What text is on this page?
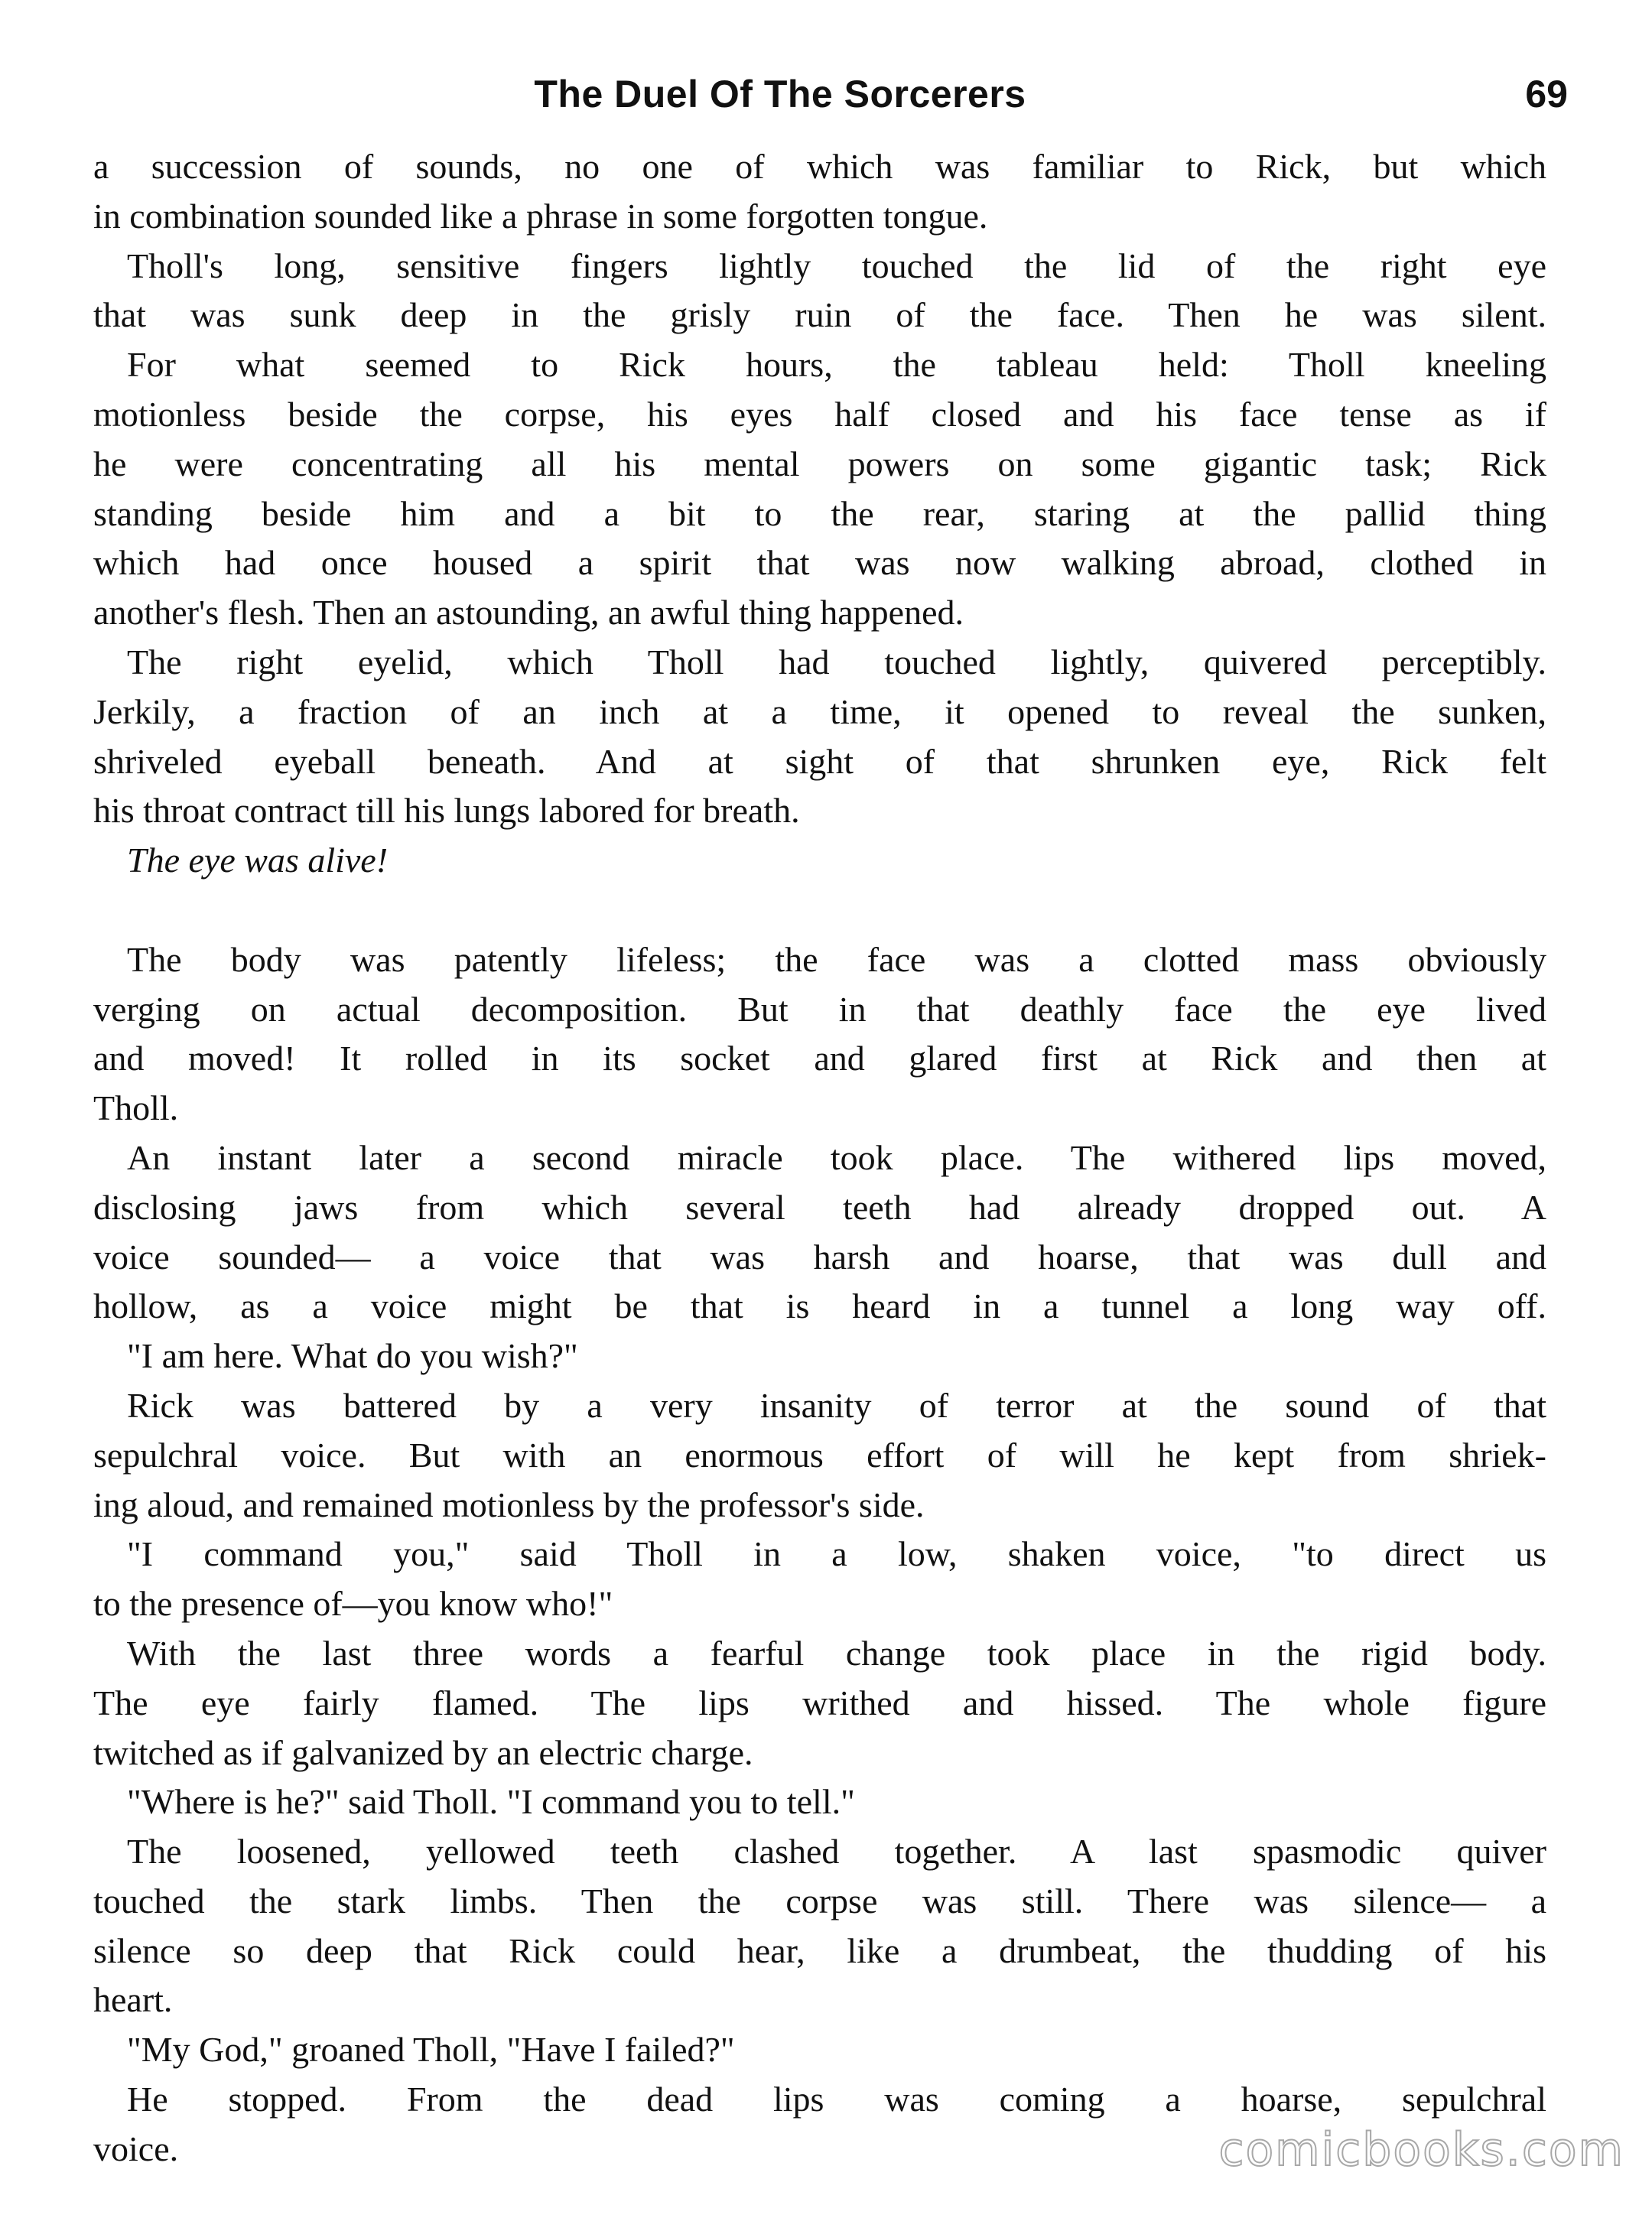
The Duel Of The Sorcerers	69
a succession of sounds, no one of which was familiar to Rick, but which
in combination sounded like a phrase in some forgotten tongue.
Tholl's long, sensitive fingers lightly touched the lid of the right eye
that was sunk deep in the grisly ruin of the face. Then he was silent.
For what seemed to Rick hours, the tableau held: Tholl kneeling
motionless beside the corpse, his eyes half closed and his face tense as if
he were concentrating all his mental powers on some gigantic task; Rick
standing beside him and a bit to the rear, staring at the pallid thing
which had once housed a spirit that was now walking abroad, clothed in
another's flesh. Then an astounding, an awful thing happened.
The right eyelid, which Tholl had touched lightly, quivered perceptibly.
Jerkily, a fraction of an inch at a time, it opened to reveal the sunken,
shriveled eyeball beneath. And at sight of that shrunken eye, Rick felt
his throat contract till his lungs labored for breath.
The eye was alive!
The body was patently lifeless; the face was a clotted mass obviously
verging on actual decomposition. But in that deathly face the eye lived
and moved! It rolled in its socket and glared first at Rick and then at
Tholl.
An instant later a second miracle took place. The withered lips moved,
disclosing jaws from which several teeth had already dropped out. A
voice sounded— a voice that was harsh and hoarse, that was dull and
hollow, as a voice might be that is heard in a tunnel a long way off.
"I am here. What do you wish?"
Rick was battered by a very insanity of terror at the sound of that
sepulchral voice. But with an enormous effort of will he kept from shriek-
ing aloud, and remained motionless by the professor's side.
"I command you," said Tholl in a low, shaken voice, "to direct us
to the presence of—you know who!"
With the last three words a fearful change took place in the rigid body.
The eye fairly flamed. The lips writhed and hissed. The whole figure
twitched as if galvanized by an electric charge.
"Where is he?" said Tholl. "I command you to tell."
The loosened, yellowed teeth clashed together. A last spasmodic quiver
touched the stark limbs. Then the corpse was still. There was silence— a
silence so deep that Rick could hear, like a drumbeat, the thudding of his
heart.
"My God," groaned Tholl, "Have I failed?"
He stopped. From the dead lips was coming a hoarse, sepulchral
voice.	comicbooks.com
